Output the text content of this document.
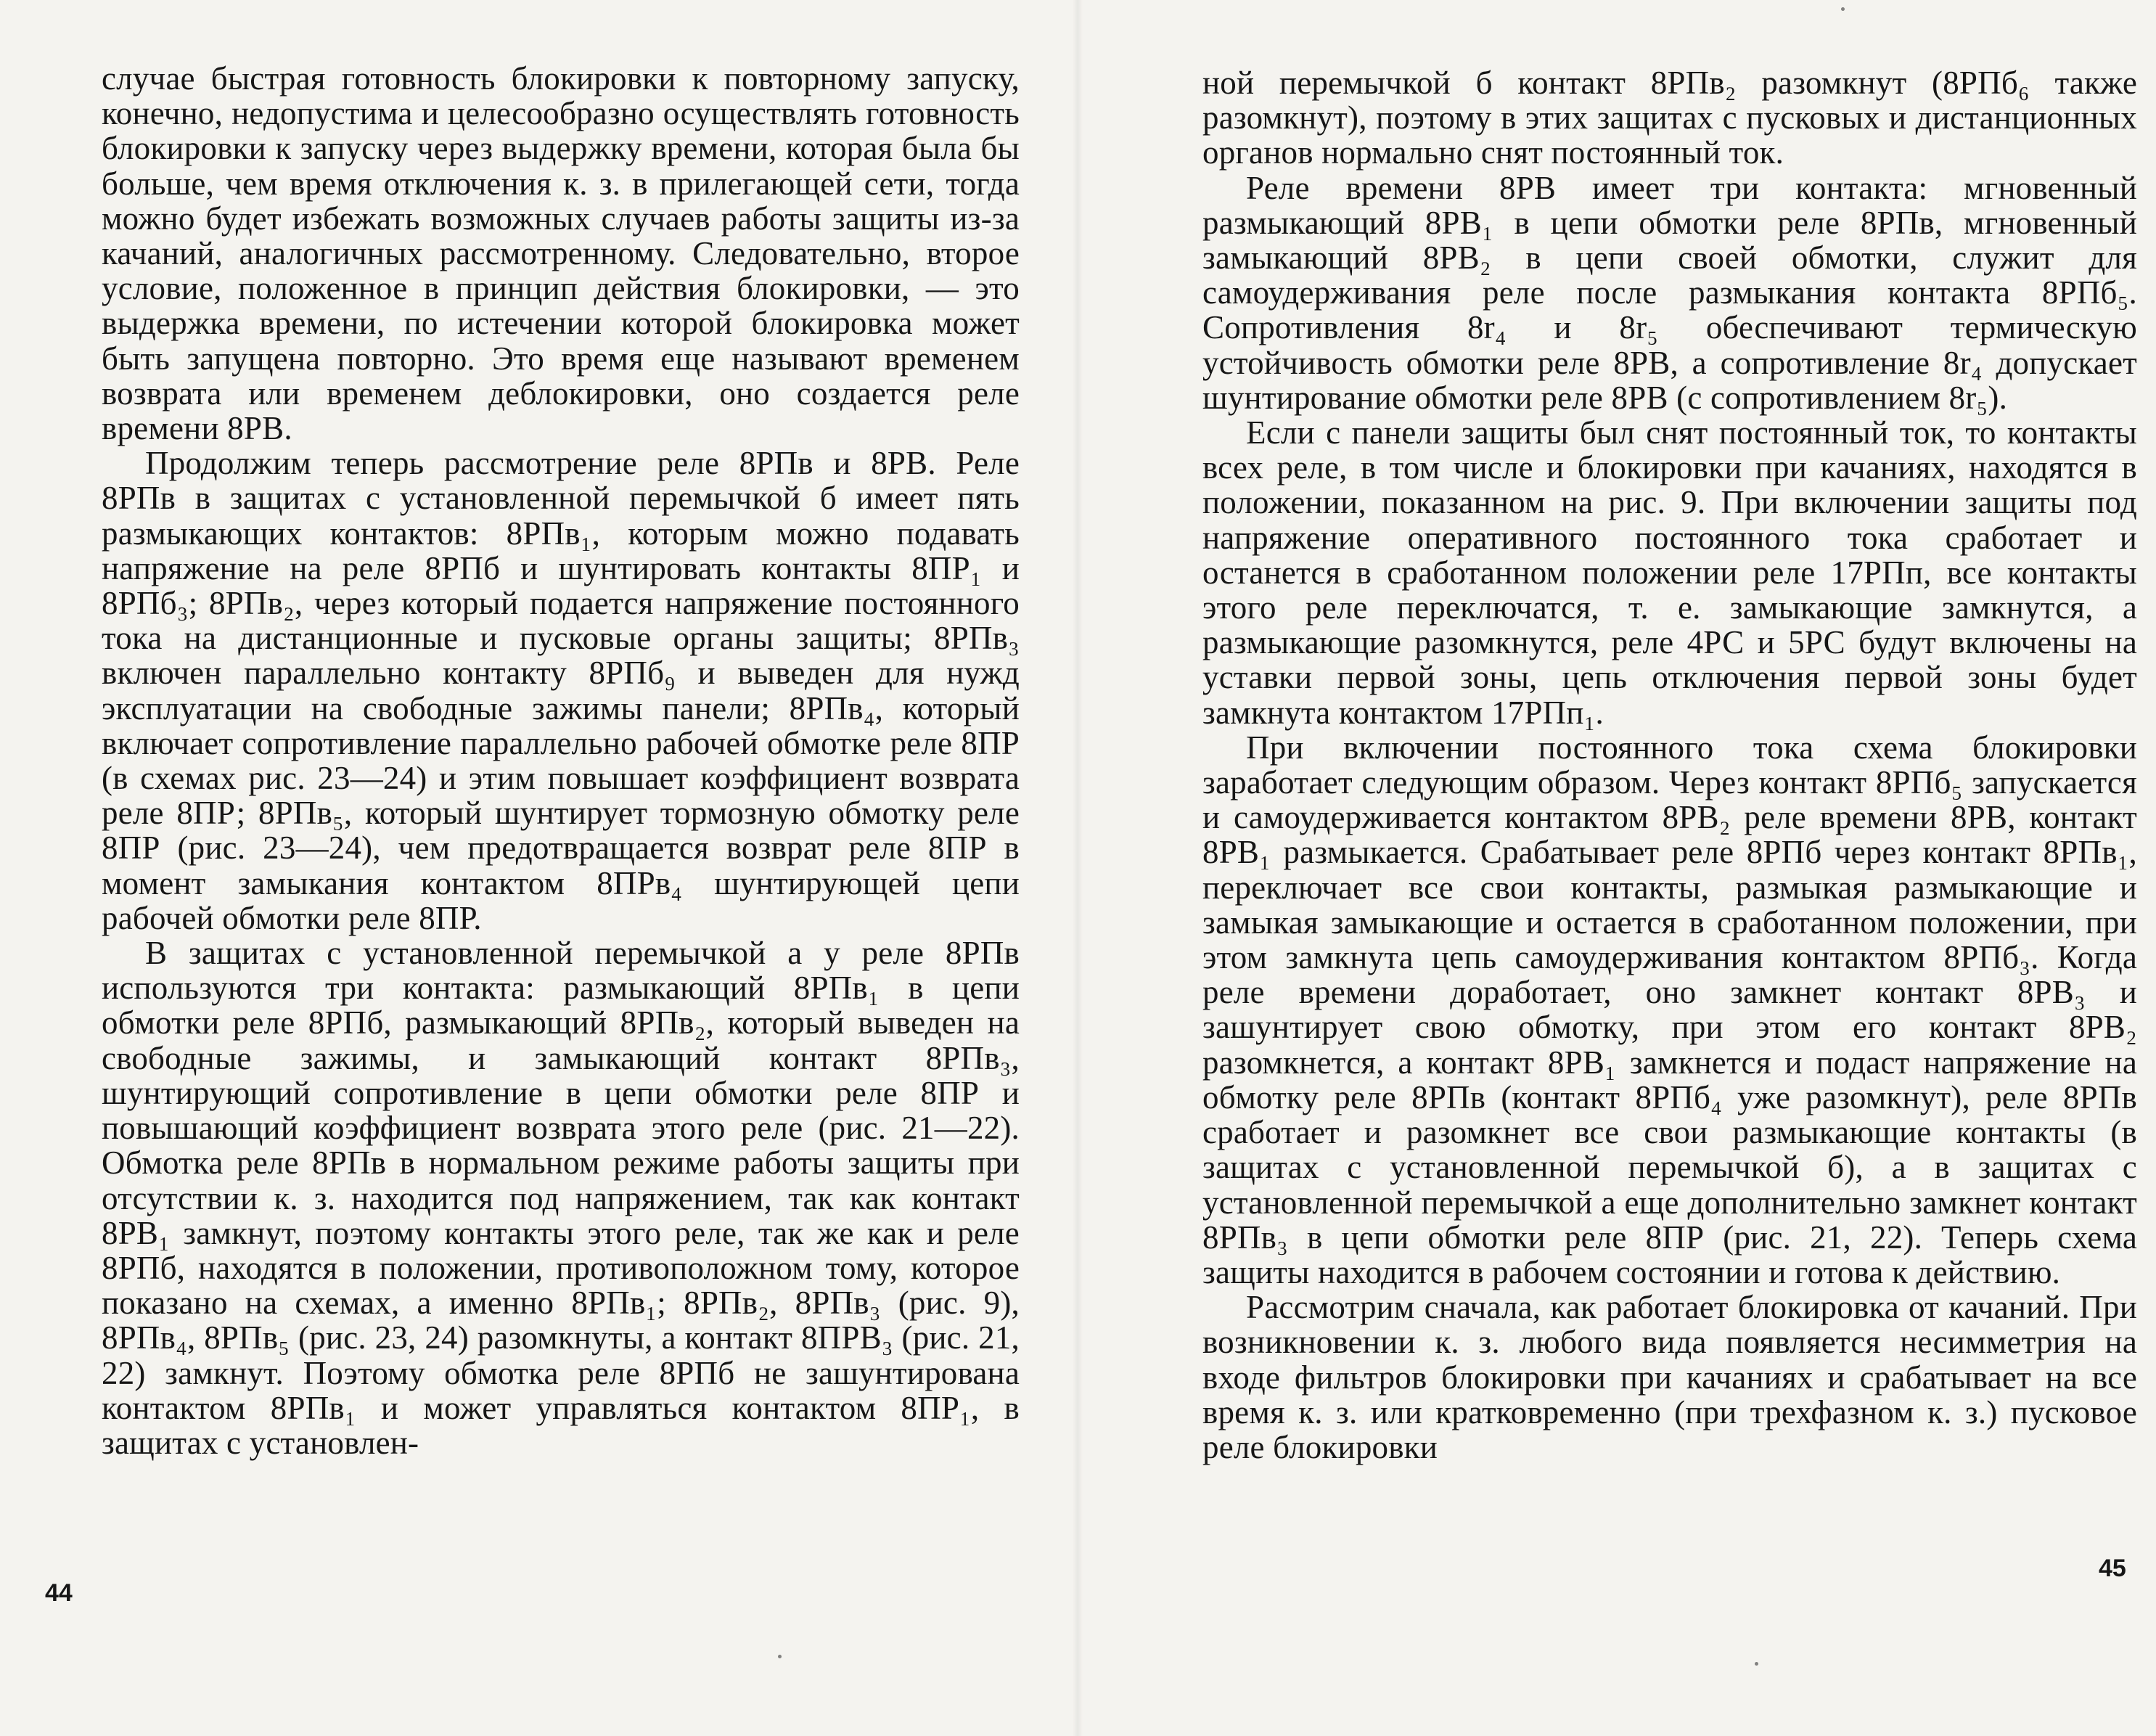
случае быстрая готовность блокировки к повторному запуску, конечно, недопустима и целесообразно осуществлять готовность блокировки к запуску через выдержку времени, которая была бы больше, чем время отключения к. з. в прилегающей сети, тогда можно будет избежать возможных случаев работы защиты из-за качаний, аналогичных рассмотренному. Следовательно, второе условие, положенное в принцип действия блокировки, — это выдержка времени, по истечении которой блокировка может быть запущена повторно. Это время еще называют временем возврата или временем деблокировки, оно создается реле времени 8РВ.

Продолжим теперь рассмотрение реле 8РПв и 8РВ. Реле 8РПв в защитах с установленной перемычкой б имеет пять размыкающих контактов: 8РПв₁, которым можно подавать напряжение на реле 8РПб и шунтировать контакты 8ПР₁ и 8РПб₃; 8РПв₂, через который подается напряжение постоянного тока на дистанционные и пусковые органы защиты; 8РПв₃ включен параллельно контакту 8РПб₉ и выведен для нужд эксплуатации на свободные зажимы панели; 8РПв₄, который включает сопротивление параллельно рабочей обмотке реле 8ПР (в схемах рис. 23—24) и этим повышает коэффициент возврата реле 8ПР; 8РПв₅, который шунтирует тормозную обмотку реле 8ПР (рис. 23—24), чем предотвращается возврат реле 8ПР в момент замыкания контактом 8ПРв₄ шунтирующей цепи рабочей обмотки реле 8ПР.

В защитах с установленной перемычкой а у реле 8РПв используются три контакта: размыкающий 8РПв₁ в цепи обмотки реле 8РПб, размыкающий 8РПв₂, который выведен на свободные зажимы, и замыкающий контакт 8РПв₃, шунтирующий сопротивление в цепи обмотки реле 8ПР и повышающий коэффициент возврата этого реле (рис. 21—22). Обмотка реле 8РПв в нормальном режиме работы защиты при отсутствии к. з. находится под напряжением, так как контакт 8РВ₁ замкнут, поэтому контакты этого реле, так же как и реле 8РПб, находятся в положении, противоположном тому, которое показано на схемах, а именно 8РПв₁; 8РПв₂, 8РПв₃ (рис. 9), 8РПв₄, 8РПв₅ (рис. 23, 24) разомкнуты, а контакт 8ПРВ₃ (рис. 21, 22) замкнут. Поэтому обмотка реле 8РПб не зашунтирована контактом 8РПв₁ и может управляться контактом 8ПР₁, в защитах с установлен-

44

ной перемычкой б контакт 8РПв₂ разомкнут (8РПб₆ также разомкнут), поэтому в этих защитах с пусковых и дистанционных органов нормально снят постоянный ток.

Реле времени 8РВ имеет три контакта: мгновенный размыкающий 8РВ₁ в цепи обмотки реле 8РПв, мгновенный замыкающий 8РВ₂ в цепи своей обмотки, служит для самоудерживания реле после размыкания контакта 8РПб₅. Сопротивления 8r₄ и 8r₅ обеспечивают термическую устойчивость обмотки реле 8РВ, а сопротивление 8r₄ допускает шунтирование обмотки реле 8РВ (с сопротивлением 8r₅).

Если с панели защиты был снят постоянный ток, то контакты всех реле, в том числе и блокировки при качаниях, находятся в положении, показанном на рис. 9. При включении защиты под напряжение оперативного постоянного тока сработает и останется в сработанном положении реле 17РПп, все контакты этого реле переключатся, т. е. замыкающие замкнутся, а размыкающие разомкнутся, реле 4РС и 5РС будут включены на уставки первой зоны, цепь отключения первой зоны будет замкнута контактом 17РПп₁.

При включении постоянного тока схема блокировки заработает следующим образом. Через контакт 8РПб₅ запускается и самоудерживается контактом 8РВ₂ реле времени 8РВ, контакт 8РВ₁ размыкается. Срабатывает реле 8РПб через контакт 8РПв₁, переключает все свои контакты, размыкая размыкающие и замыкая замыкающие и остается в сработанном положении, при этом замкнута цепь самоудерживания контактом 8РПб₃. Когда реле времени доработает, оно замкнет контакт 8РВ₃ и зашунтирует свою обмотку, при этом его контакт 8РВ₂ разомкнется, а контакт 8РВ₁ замкнется и подаст напряжение на обмотку реле 8РПв (контакт 8РПб₄ уже разомкнут), реле 8РПв сработает и разомкнет все свои размыкающие контакты (в защитах с установленной перемычкой б), а в защитах с установленной перемычкой а еще дополнительно замкнет контакт 8РПв₃ в цепи обмотки реле 8ПР (рис. 21, 22). Теперь схема защиты находится в рабочем состоянии и готова к действию.

Рассмотрим сначала, как работает блокировка от качаний. При возникновении к. з. любого вида появляется несимметрия на входе фильтров блокировки при качаниях и срабатывает на все время к. з. или кратковременно (при трехфазном к. з.) пусковое реле блокировки

45
